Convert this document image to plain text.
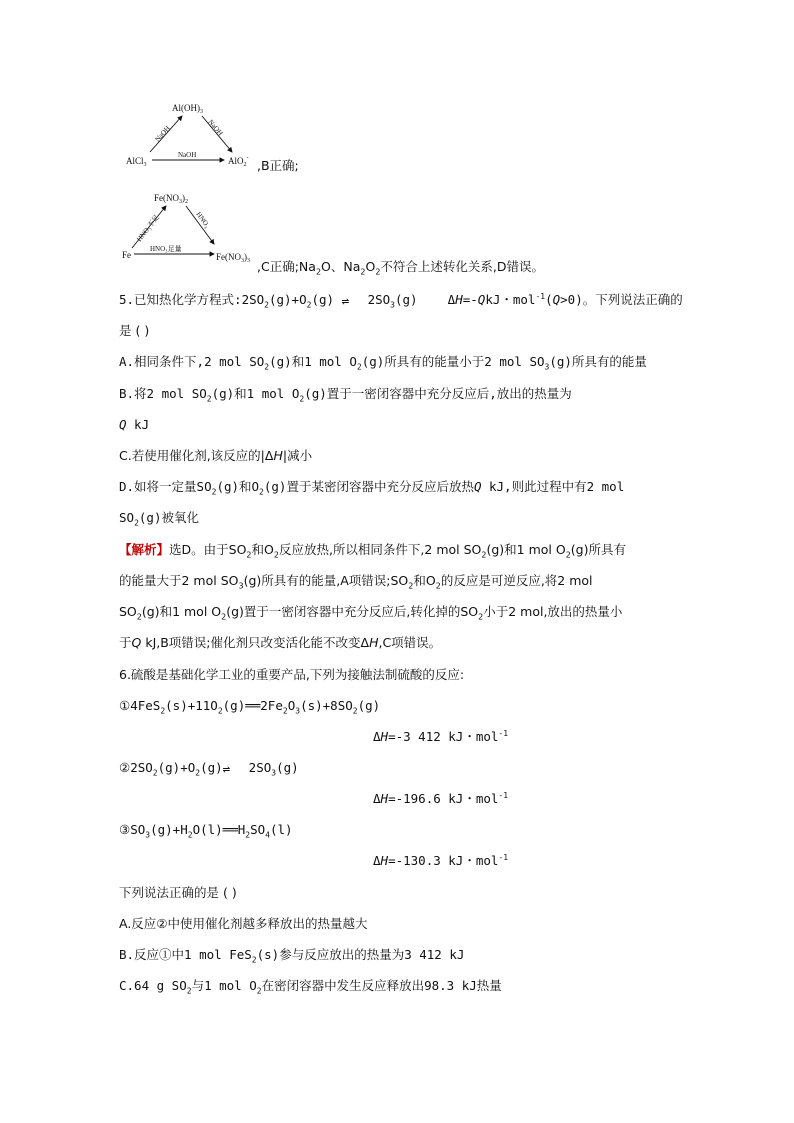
$Al(OH)_3$
AlCl$_3$	AlO$_2$-
NaOH	NaOH
NaOH
,B正确;
$Fe(NO_3)_2$
Fe	$Fe(NO_3)_3$
HNO₃不足	HNO₃
HNO₃足量
,C正确$;Na_2O$、$Na_2O_2$不符合上述转化关系,D错误。
5.已知热化学方程式$:2SO_2(g)+O_2(g)$ ⇌ $2SO_3(g)$    ΔH=-QkJ・mol$^{-1}$(Q>0)。下列说法正确的
是 ( )
A.相同条件下,2 mol $SO_2(g)$和1 mol $O_2(g)$所具有的能量小于2 mol $SO_3(g)$所具有的能量
B.将2 mol $SO_2(g)$和1 mol $O_2(g)$置于一密闭容器中充分反应后,放出的热量为
Q kJ
C.若使用催化剂,该反应的|ΔH|减小
D.如将一定量$SO_2(g)$和$O_2(g)$置于某密闭容器中充分反应后放热Q kJ,则此过程中有2 mol
$SO_2(g)$被氧化
【解析】选D。由于$SO_2$和$O_2$反应放热,所以相同条件下,2 mol $SO_2(g)$和1 mol $O_2(g)$所具有
的能量大于2 mol $SO_3(g)$所具有的能量,A项错误$;SO_2$和$O_2$的反应是可逆反应,将2 mol
$SO_2(g)$和1 mol $O_2(g)$置于一密闭容器中充分反应后,转化掉的$SO_2$小于2 mol,放出的热量小
于Q kJ,B项错误;催化剂只改变活化能不改变ΔH,C项错误。
6.硫酸是基础化学工业的重要产品,下列为接触法制硫酸的反应:
$①4FeS_2(s)+11O_2(g)══2Fe_2O_3(s)+8SO_2(g)$
ΔH=-3 412 kJ・mol$^{-1}$
$②2SO_2(g)+O_2(g)\rightleftharpoons$ $2SO_3(g)$
ΔH=-196.6 kJ・mol$^{-1}$
$③SO_3(g)+H_2O(l)══H_2SO_4(l)$
ΔH=-130.3 kJ・mol$^{-1}$
下列说法正确的是 ( )
A.反应②中使用催化剂越多释放出的热量越大
B.反应①中1 mol FeS$_2$(s)参与反应放出的热量为3 412 kJ
C.64 g $SO_2$与1 mol $O_2$在密闭容器中发生反应释放出98.3 kJ热量
